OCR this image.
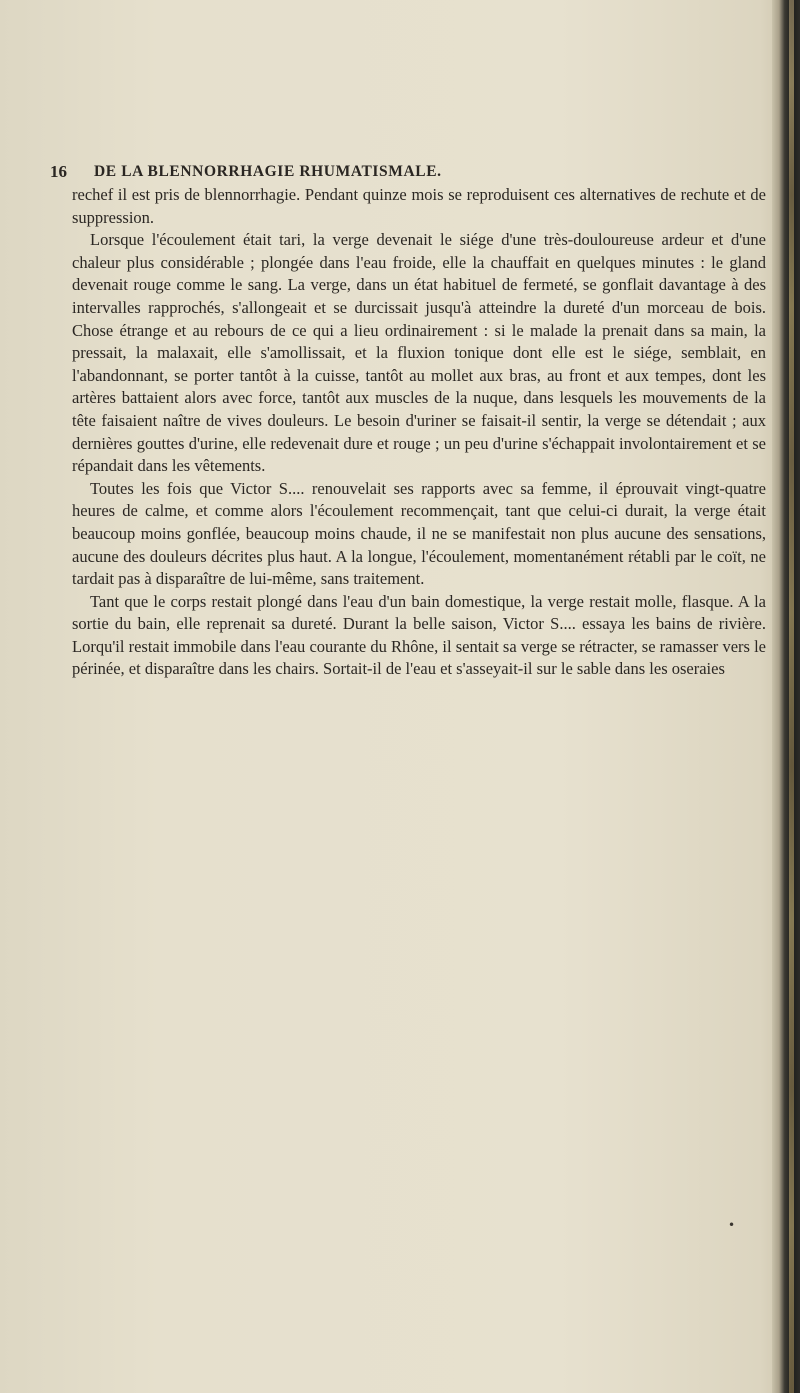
16 DE LA BLENNORRHAGIE RHUMATISMALE.

rechef il est pris de blennorrhagie. Pendant quinze mois se reproduisent ces alternatives de rechute et de suppression.

Lorsque l'écoulement était tari, la verge devenait le siége d'une très-douloureuse ardeur et d'une chaleur plus considérable ; plongée dans l'eau froide, elle la chauffait en quelques minutes : le gland devenait rouge comme le sang. La verge, dans un état habituel de fermeté, se gonflait davantage à des intervalles rapprochés, s'allongeait et se durcissait jusqu'à atteindre la dureté d'un morceau de bois. Chose étrange et au rebours de ce qui a lieu ordinairement : si le malade la prenait dans sa main, la pressait, la malaxait, elle s'amollissait, et la fluxion tonique dont elle est le siége, semblait, en l'abandonnant, se porter tantôt à la cuisse, tantôt au mollet aux bras, au front et aux tempes, dont les artères battaient alors avec force, tantôt aux muscles de la nuque, dans lesquels les mouvements de la tête faisaient naître de vives douleurs. Le besoin d'uriner se faisait-il sentir, la verge se détendait ; aux dernières gouttes d'urine, elle redevenait dure et rouge ; un peu d'urine s'échappait involontairement et se répandait dans les vêtements.

Toutes les fois que Victor S.... renouvelait ses rapports avec sa femme, il éprouvait vingt-quatre heures de calme, et comme alors l'écoulement recommençait, tant que celui-ci durait, la verge était beaucoup moins gonflée, beaucoup moins chaude, il ne se manifestait non plus aucune des sensations, aucune des douleurs décrites plus haut. A la longue, l'écoulement, momentanément rétabli par le coït, ne tardait pas à disparaître de lui-même, sans traitement.

Tant que le corps restait plongé dans l'eau d'un bain domestique, la verge restait molle, flasque. A la sortie du bain, elle reprenait sa dureté. Durant la belle saison, Victor S.... essaya les bains de rivière. Lorqu'il restait immobile dans l'eau courante du Rhône, il sentait sa verge se rétracter, se ramasser vers le périnée, et disparaître dans les chairs. Sortait-il de l'eau et s'asseyait-il sur le sable dans les oseraies

•
